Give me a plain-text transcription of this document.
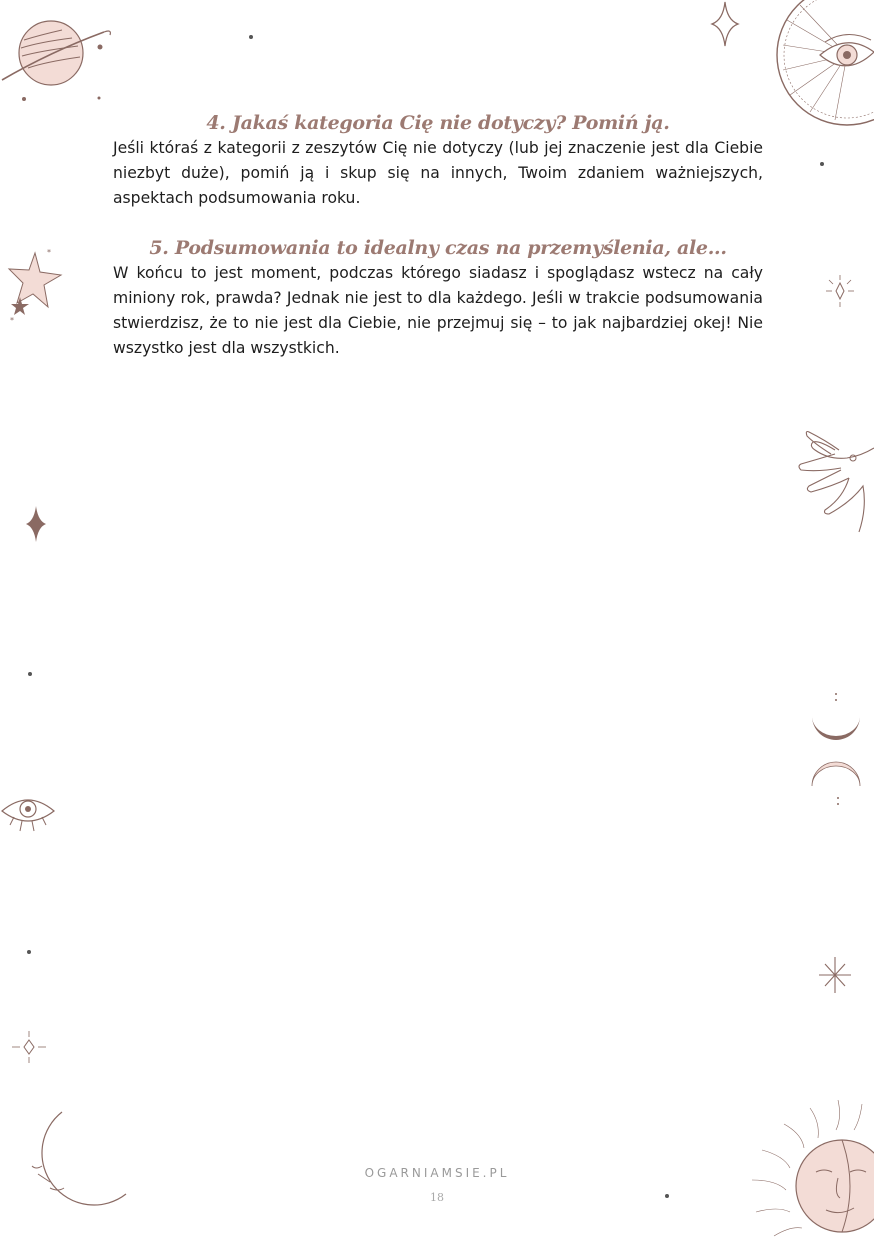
*
*
4. Jakaś kategoria Cię nie dotyczy? Pomiń ją.

Jeśli któraś z kategorii z zeszytów Cię nie dotyczy (lub jej znaczenie jest dla Ciebie niezbyt duże), pomiń ją i skup się na innych, Twoim zdaniem ważniejszych, aspektach podsumowania roku.

5. Podsumowania to idealny czas na przemyślenia, ale...

W końcu to jest moment, podczas którego siadasz i spoglądasz wstecz na cały miniony rok, prawda? Jednak nie jest to dla każdego. Jeśli w trakcie podsumowania stwierdzisz, że to nie jest dla Ciebie, nie przejmuj się – to jak najbardziej okej! Nie wszystko jest dla wszystkich.

OGARNIAMSIE.PL
18
